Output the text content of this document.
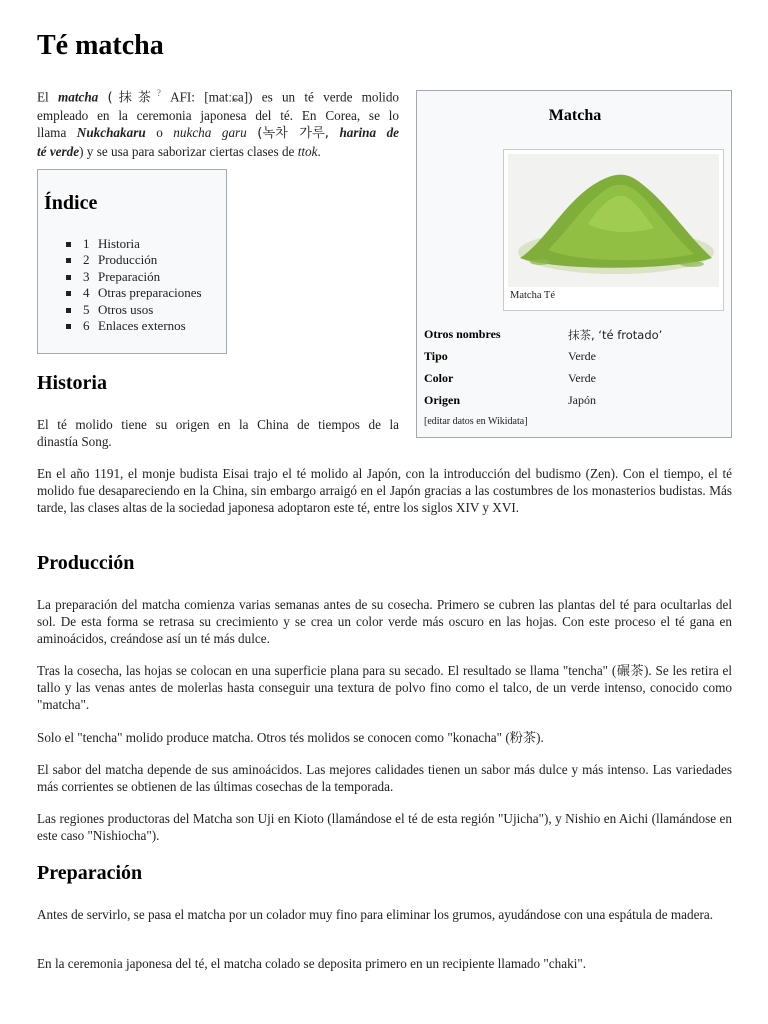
Té matcha
El matcha (抹茶? AFI: [matːɕa]) es un té verde molido
empleado en la ceremonia japonesa del té. En Corea, se lo
llama Nukchakaru o nukcha garu (녹차 가루, harina de
té verde) y se usa para saborizar ciertas clases de ttok.
Matcha
Matcha Té
Otros nombres	抹茶, ‘té frotado’
Tipo	Verde
Color	Verde
Origen	Japón
[editar datos en Wikidata]
Índice
1 Historia
2 Producción
3 Preparación
4 Otras preparaciones
5 Otros usos
6 Enlaces externos
Historia
El té molido tiene su origen en la China de tiempos de la
dinastía Song.

En el año 1191, el monje budista Eisai trajo el té molido al Japón, con la introducción del budismo (Zen). Con el tiempo, el té molido fue desapareciendo en la China, sin embargo arraigó en el Japón gracias a las costumbres de los monasterios budistas. Más tarde, las clases altas de la sociedad japonesa adoptaron este té, entre los siglos XIV y XVI.

Producción

La preparación del matcha comienza varias semanas antes de su cosecha. Primero se cubren las plantas del té para ocultarlas del sol. De esta forma se retrasa su crecimiento y se crea un color verde más oscuro en las hojas. Con este proceso el té gana en aminoácidos, creándose así un té más dulce.

Tras la cosecha, las hojas se colocan en una superficie plana para su secado. El resultado se llama "tencha" (碾茶). Se les retira el tallo y las venas antes de molerlas hasta conseguir una textura de polvo fino como el talco, de un verde intenso, conocido como "matcha".

Solo el "tencha" molido produce matcha. Otros tés molidos se conocen como "konacha" (粉茶).

El sabor del matcha depende de sus aminoácidos. Las mejores calidades tienen un sabor más dulce y más intenso. Las variedades más corrientes se obtienen de las últimas cosechas de la temporada.

Las regiones productoras del Matcha son Uji en Kioto (llamándose el té de esta región "Ujicha"), y Nishio en Aichi (llamándose en este caso "Nishiocha").

Preparación

Antes de servirlo, se pasa el matcha por un colador muy fino para eliminar los grumos, ayudándose con una espátula de madera.

En la ceremonia japonesa del té, el matcha colado se deposita primero en un recipiente llamado "chaki".
